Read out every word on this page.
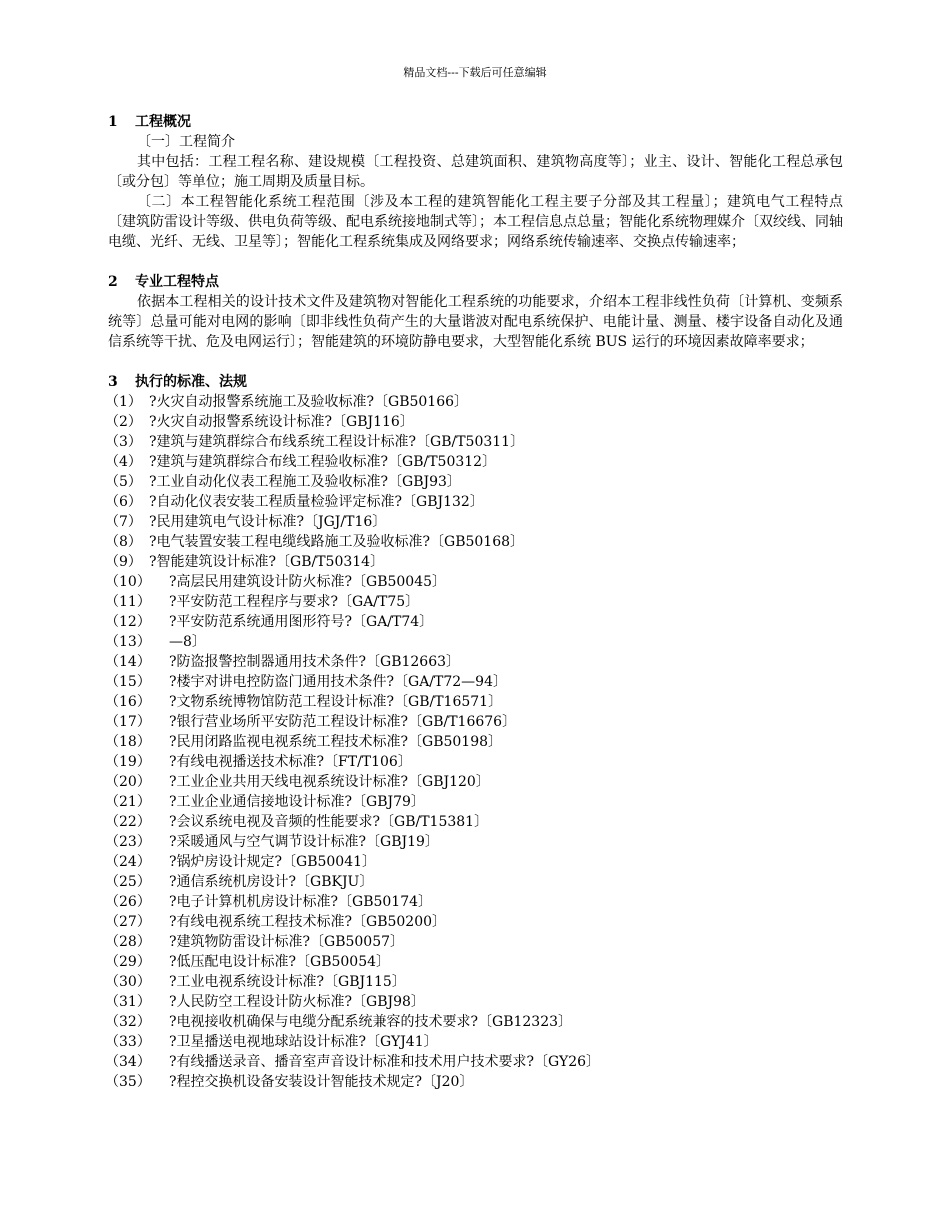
精品文档---下载后可任意编辑
1 工程概况
〔一〕工程简介
其中包括：工程工程名称、建设规模〔工程投资、总建筑面积、建筑物高度等〕；业主、设计、智能化工程总承包〔或分包〕等单位；施工周期及质量目标。
〔二〕本工程智能化系统工程范围〔涉及本工程的建筑智能化工程主要子分部及其工程量〕；建筑电气工程特点〔建筑防雷设计等级、供电负荷等级、配电系统接地制式等〕；本工程信息点总量；智能化系统物理媒介〔双绞线、同轴电缆、光纤、无线、卫星等〕；智能化工程系统集成及网络要求；网络系统传输速率、交换点传输速率；
2 专业工程特点
依据本工程相关的设计技术文件及建筑物对智能化工程系统的功能要求，介绍本工程非线性负荷〔计算机、变频系统等〕总量可能对电网的影响〔即非线性负荷产生的大量谐波对配电系统保护、电能计量、测量、楼宇设备自动化及通信系统等干扰、危及电网运行〕；智能建筑的环境防静电要求，大型智能化系统 BUS 运行的环境因素故障率要求；
3 执行的标准、法规
（1） ?火灾自动报警系统施工及验收标准?〔GB50166〕
（2） ?火灾自动报警系统设计标准?〔GBJ116〕
（3） ?建筑与建筑群综合布线系统工程设计标准?〔GB/T50311〕
（4） ?建筑与建筑群综合布线工程验收标准?〔GB/T50312〕
（5） ?工业自动化仪表工程施工及验收标准?〔GBJ93〕
（6） ?自动化仪表安装工程质量检验评定标准?〔GBJ132〕
（7） ?民用建筑电气设计标准?〔JGJ/T16〕
（8） ?电气装置安装工程电缆线路施工及验收标准?〔GB50168〕
（9） ?智能建筑设计标准?〔GB/T50314〕
（10） ?高层民用建筑设计防火标准?〔GB50045〕
（11） ?平安防范工程程序与要求?〔GA/T75〕
（12） ?平安防范系统通用图形符号?〔GA/T74〕
（13） —8〕
（14） ?防盗报警控制器通用技术条件?〔GB12663〕
（15） ?楼宇对讲电控防盗门通用技术条件?〔GA/T72—94〕
（16） ?文物系统博物馆防范工程设计标准?〔GB/T16571〕
（17） ?银行营业场所平安防范工程设计标准?〔GB/T16676〕
（18） ?民用闭路监视电视系统工程技术标准?〔GB50198〕
（19） ?有线电视播送技术标准?〔FT/T106〕
（20） ?工业企业共用天线电视系统设计标准?〔GBJ120〕
（21） ?工业企业通信接地设计标准?〔GBJ79〕
（22） ?会议系统电视及音频的性能要求?〔GB/T15381〕
（23） ?采暖通风与空气调节设计标准?〔GBJ19〕
（24） ?锅炉房设计规定?〔GB50041〕
（25） ?通信系统机房设计?〔GBKJU〕
（26） ?电子计算机机房设计标准?〔GB50174〕
（27） ?有线电视系统工程技术标准?〔GB50200〕
（28） ?建筑物防雷设计标准?〔GB50057〕
（29） ?低压配电设计标准?〔GB50054〕
（30） ?工业电视系统设计标准?〔GBJ115〕
（31） ?人民防空工程设计防火标准?〔GBJ98〕
（32） ?电视接收机确保与电缆分配系统兼容的技术要求?〔GB12323〕
（33） ?卫星播送电视地球站设计标准?〔GYJ41〕
（34） ?有线播送录音、播音室声音设计标准和技术用户技术要求?〔GY26〕
（35） ?程控交换机设备安装设计智能技术规定?〔J20〕
